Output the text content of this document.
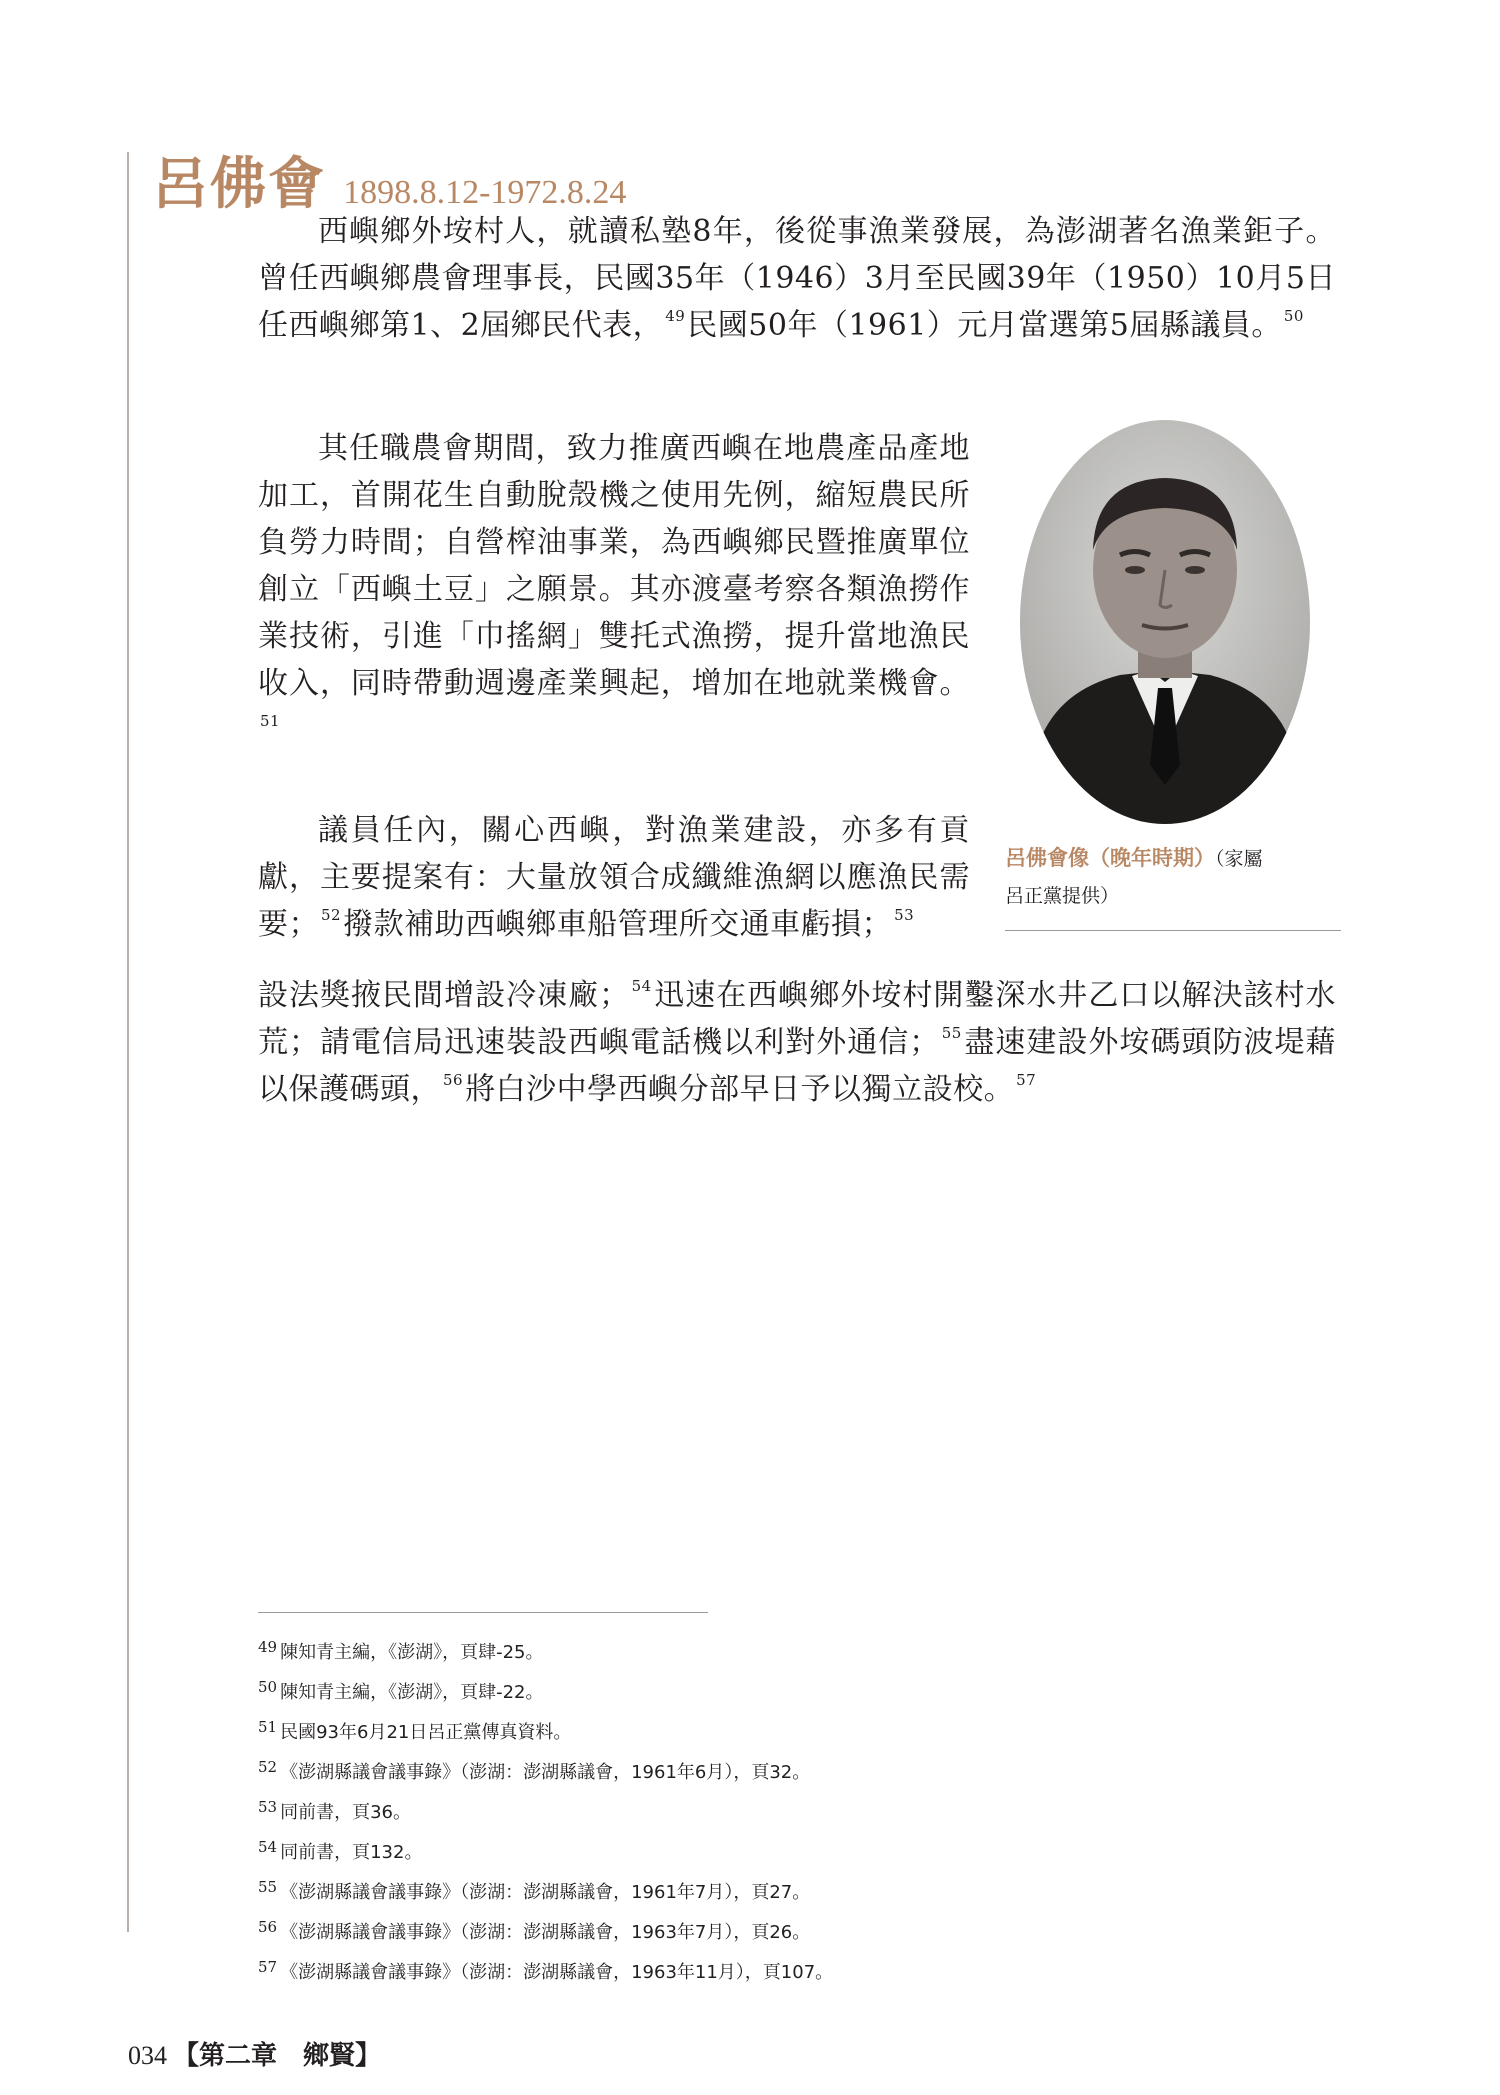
呂佛會 1898.8.12-1972.8.24

西嶼鄉外垵村人，就讀私塾8年，後從事漁業發展，為澎湖著名漁業鉅子。曾任西嶼鄉農會理事長，民國35年（1946）3月至民國39年（1950）10月5日任西嶼鄉第1、2屆鄉民代表， $^{49}$民國50年（1961）元月當選第5屆縣議員。 $^{50}$

其任職農會期間，致力推廣西嶼在地農產品產地加工，首開花生自動脫殼機之使用先例，縮短農民所負勞力時間；自營榨油事業，為西嶼鄉民暨推廣單位創立「西嶼土豆」之願景。其亦渡臺考察各類漁撈作業技術，引進「巾搖網」雙托式漁撈，提升當地漁民收入，同時帶動週邊產業興起，增加在地就業機會。$^{51}$

議員任內，關心西嶼，對漁業建設，亦多有貢獻，主要提案有：大量放領合成纖維漁網以應漁民需要； $^{52}$撥款補助西嶼鄉車船管理所交通車虧損； $^{53}$

設法獎掖民間增設冷凍廠； $^{54}$迅速在西嶼鄉外垵村開鑿深水井乙口以解決該村水荒；請電信局迅速裝設西嶼電話機以利對外通信； $^{55}$盡速建設外垵碼頭防波堤藉以保護碼頭， $^{56}$將白沙中學西嶼分部早日予以獨立設校。 $^{57}$

呂佛會像（晚年時期）（家屬
呂正黨提供）
$^{49}$ 陳知青主編，《澎湖》，頁肆-25。
$^{50}$ 陳知青主編，《澎湖》，頁肆-22。
$^{51}$ 民國93年6月21日呂正黨傳真資料。
$^{52}$ 《澎湖縣議會議事錄》（澎湖：澎湖縣議會，1961年6月），頁32。
$^{53}$ 同前書，頁36。
$^{54}$ 同前書，頁132。
$^{55}$ 《澎湖縣議會議事錄》（澎湖：澎湖縣議會，1961年7月），頁27。
$^{56}$ 《澎湖縣議會議事錄》（澎湖：澎湖縣議會，1963年7月），頁26。
$^{57}$ 《澎湖縣議會議事錄》（澎湖：澎湖縣議會，1963年11月），頁107。
034 【第二章　鄉賢】
